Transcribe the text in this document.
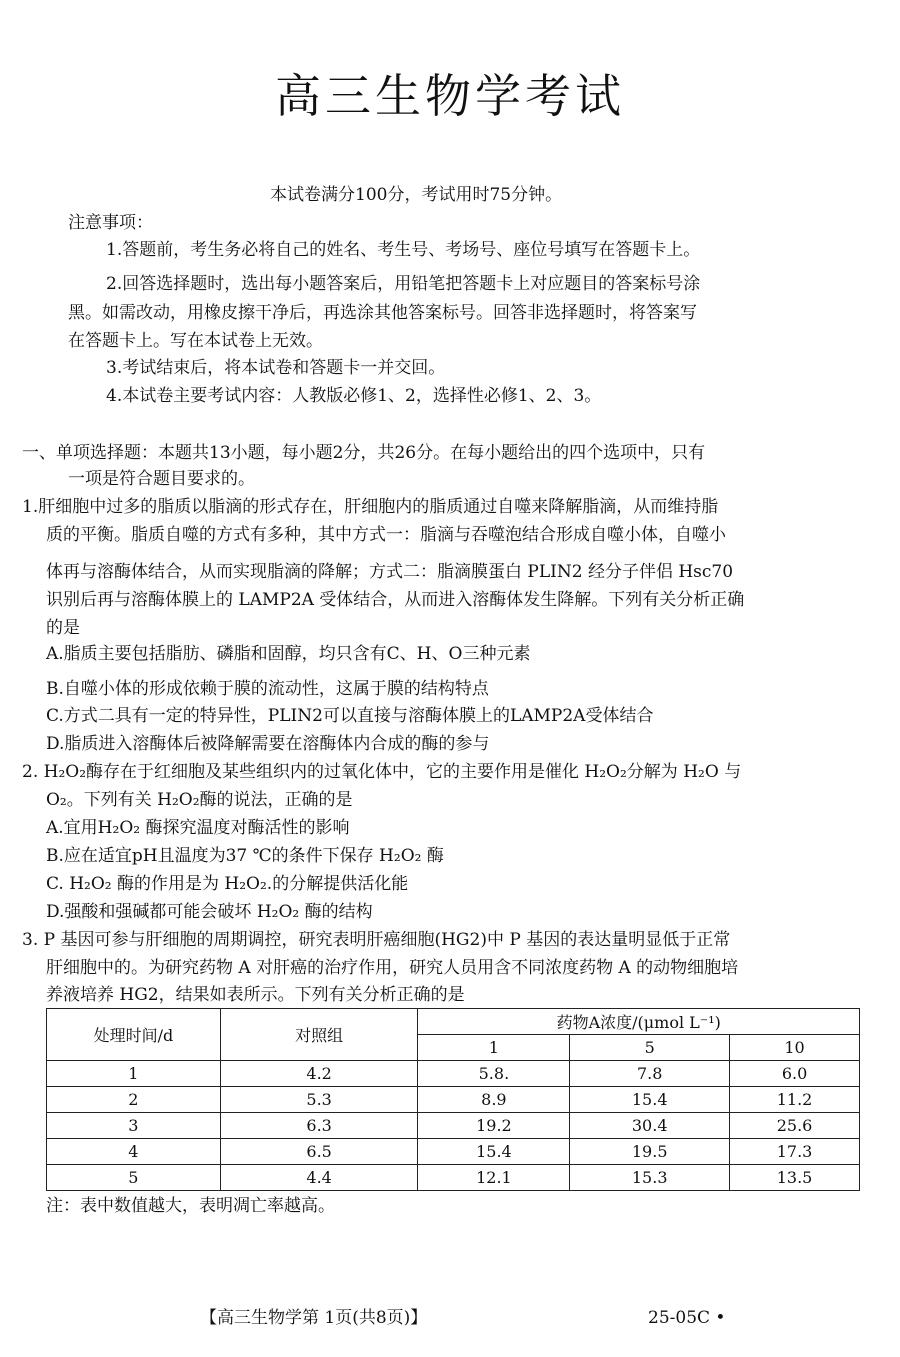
高三生物学考试
本试卷满分100分，考试用时75分钟。
注意事项：
1.答题前，考生务必将自己的姓名、考生号、考场号、座位号填写在答题卡上。
2.回答选择题时，选出每小题答案后，用铅笔把答题卡上对应题目的答案标号涂
黑。如需改动，用橡皮擦干净后，再选涂其他答案标号。回答非选择题时，将答案写
在答题卡上。写在本试卷上无效。
3.考试结束后，将本试卷和答题卡一并交回。
4.本试卷主要考试内容：人教版必修1、2，选择性必修1、2、3。
一、单项选择题：本题共13小题，每小题2分，共26分。在每小题给出的四个选项中，只有
一项是符合题目要求的。
1.肝细胞中过多的脂质以脂滴的形式存在，肝细胞内的脂质通过自噬来降解脂滴，从而维持脂
质的平衡。脂质自噬的方式有多种，其中方式一：脂滴与吞噬泡结合形成自噬小体，自噬小
体再与溶酶体结合，从而实现脂滴的降解；方式二：脂滴膜蛋白 PLIN2 经分子伴侣 Hsc70
识别后再与溶酶体膜上的 LAMP2A 受体结合，从而进入溶酶体发生降解。下列有关分析正确
的是
A.脂质主要包括脂肪、磷脂和固醇，均只含有C、H、O三种元素
B.自噬小体的形成依赖于膜的流动性，这属于膜的结构特点
C.方式二具有一定的特异性，PLIN2可以直接与溶酶体膜上的LAMP2A受体结合
D.脂质进入溶酶体后被降解需要在溶酶体内合成的酶的参与
2. H₂O₂酶存在于红细胞及某些组织内的过氧化体中，它的主要作用是催化 H₂O₂分解为 H₂O 与
O₂。下列有关 H₂O₂酶的说法，正确的是
A.宜用H₂O₂ 酶探究温度对酶活性的影响
B.应在适宜pH且温度为37 ℃的条件下保存 H₂O₂ 酶
C. H₂O₂ 酶的作用是为 H₂O₂.的分解提供活化能
D.强酸和强碱都可能会破坏 H₂O₂ 酶的结构
3. P 基因可参与肝细胞的周期调控，研究表明肝癌细胞(HG2)中 P 基因的表达量明显低于正常
肝细胞中的。为研究药物 A 对肝癌的治疗作用，研究人员用含不同浓度药物 A 的动物细胞培
养液培养 HG2，结果如表所示。下列有关分析正确的是
处理时间/d	对照组	药物A浓度/(μmol L⁻¹)		
		1	5	10
1	4.2	5.8.	7.8	6.0
2	5.3	8.9	15.4	11.2
3	6.3	19.2	30.4	25.6
4	6.5	15.4	19.5	17.3
5	4.4	12.1	15.3	13.5
注：表中数值越大，表明凋亡率越高。
【高三生物学第 1页(共8页)】	25-05C •
